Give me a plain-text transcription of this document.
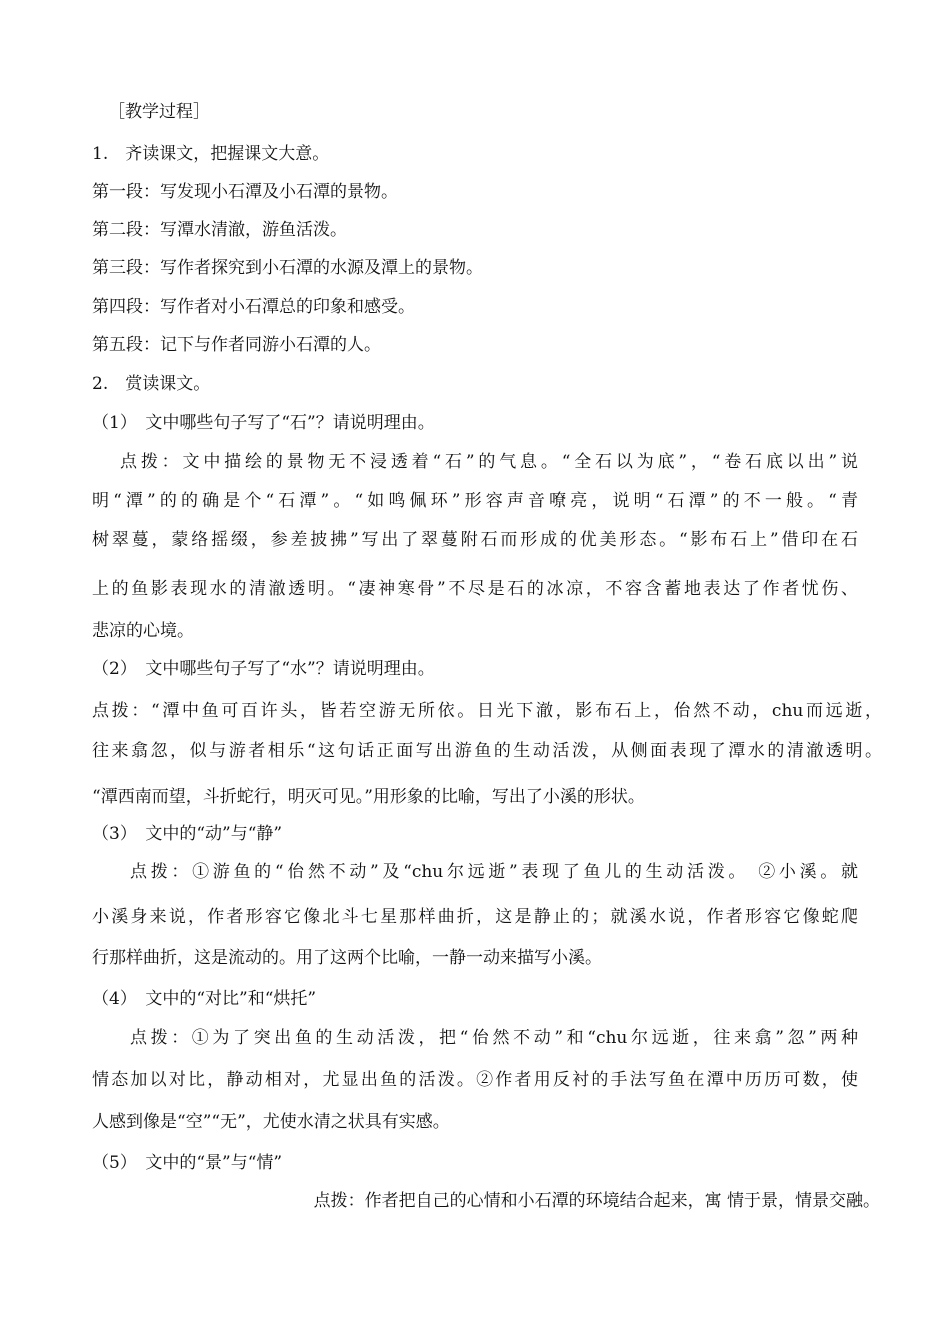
［教学过程］
1.　齐读课文，把握课文大意。
第一段：写发现小石潭及小石潭的景物。
第二段：写潭水清澈，游鱼活泼。
第三段：写作者探究到小石潭的水源及潭上的景物。
第四段：写作者对小石潭总的印象和感受。
第五段：记下与作者同游小石潭的人。
2.　赏读课文。
（1）　文中哪些句子写了“石”？请说明理由。
点拨：文中描绘的景物无不浸透着“石”的气息。“全石以为底”，“卷石底以出”说
明“潭”的的确是个“石潭”。“如鸣佩环”形容声音嘹亮，说明“石潭”的不一般。“青
树翠蔓，蒙络摇缀，参差披拂”写出了翠蔓附石而形成的优美形态。“影布石上”借印在石
上的鱼影表现水的清澈透明。“凄神寒骨”不尽是石的冰凉，不容含蓄地表达了作者忧伤、
悲凉的心境。
（2）　文中哪些句子写了“水”？请说明理由。
点拨：“潭中鱼可百许头，皆若空游无所依。日光下澈，影布石上，佁然不动，chu而远逝，
往来翕忽，似与游者相乐“这句话正面写出游鱼的生动活泼，从侧面表现了潭水的清澈透明。
“潭西南而望，斗折蛇行，明灭可见。”用形象的比喻，写出了小溪的形状。
（3）　文中的“动”与“静”
点拨：①游鱼的“佁然不动”及“chu尔远逝”表现了鱼儿的生动活泼。 ②小溪。就
小溪身来说，作者形容它像北斗七星那样曲折，这是静止的；就溪水说，作者形容它像蛇爬
行那样曲折，这是流动的。用了这两个比喻，一静一动来描写小溪。
（4）　文中的“对比”和“烘托”
点拨：①为了突出鱼的生动活泼，把“佁然不动”和“chu尔远逝，往来翕”忽”两种
情态加以对比，静动相对，尤显出鱼的活泼。②作者用反衬的手法写鱼在潭中历历可数，使
人感到像是“空”“无”，尤使水清之状具有实感。
（5）　文中的“景”与“情”
点拨：作者把自己的心情和小石潭的环境结合起来，寓 情于景，情景交融。
